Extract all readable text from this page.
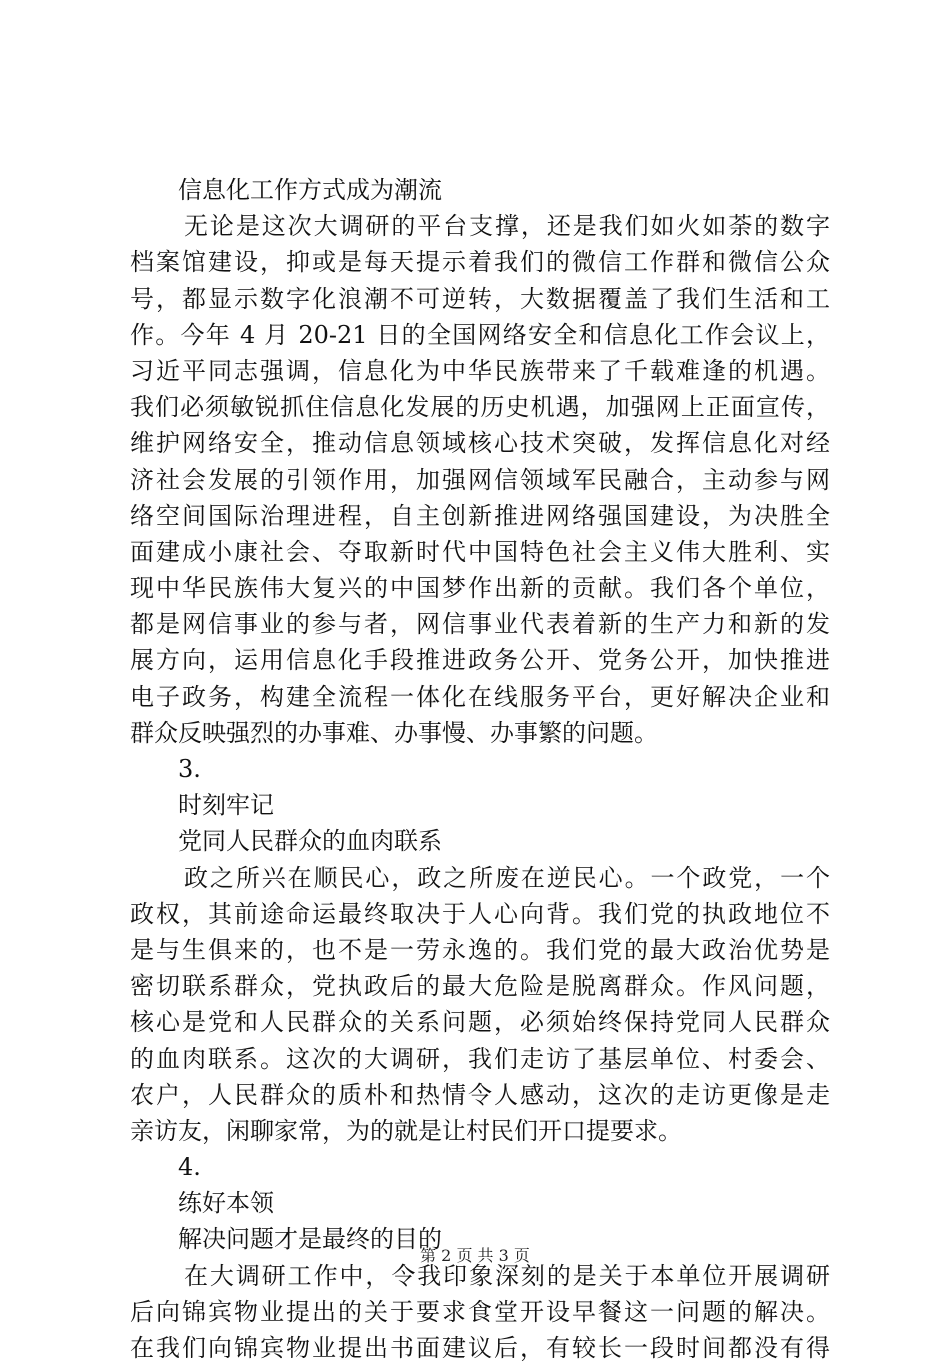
信息化工作方式成为潮流
无论是这次大调研的平台支撑，还是我们如火如荼的数字
档案馆建设，抑或是每天提示着我们的微信工作群和微信公众
号，都显示数字化浪潮不可逆转，大数据覆盖了我们生活和工
作。今年 4 月 20-21 日的全国网络安全和信息化工作会议上，
习近平同志强调，信息化为中华民族带来了千载难逢的机遇。
我们必须敏锐抓住信息化发展的历史机遇，加强网上正面宣传，
维护网络安全，推动信息领域核心技术突破，发挥信息化对经
济社会发展的引领作用，加强网信领域军民融合，主动参与网
络空间国际治理进程，自主创新推进网络强国建设，为决胜全
面建成小康社会、夺取新时代中国特色社会主义伟大胜利、实
现中华民族伟大复兴的中国梦作出新的贡献。我们各个单位，
都是网信事业的参与者，网信事业代表着新的生产力和新的发
展方向，运用信息化手段推进政务公开、党务公开，加快推进
电子政务，构建全流程一体化在线服务平台，更好解决企业和
群众反映强烈的办事难、办事慢、办事繁的问题。
3.
时刻牢记
党同人民群众的血肉联系
政之所兴在顺民心，政之所废在逆民心。一个政党，一个
政权，其前途命运最终取决于人心向背。我们党的执政地位不
是与生俱来的，也不是一劳永逸的。我们党的最大政治优势是
密切联系群众，党执政后的最大危险是脱离群众。作风问题，
核心是党和人民群众的关系问题，必须始终保持党同人民群众
的血肉联系。这次的大调研，我们走访了基层单位、村委会、
农户，人民群众的质朴和热情令人感动，这次的走访更像是走
亲访友，闲聊家常，为的就是让村民们开口提要求。
4.
练好本领
解决问题才是最终的目的
在大调研工作中，令我印象深刻的是关于本单位开展调研
后向锦宾物业提出的关于要求食堂开设早餐这一问题的解决。
在我们向锦宾物业提出书面建议后，有较长一段时间都没有得
第 2 页 共 3 页
